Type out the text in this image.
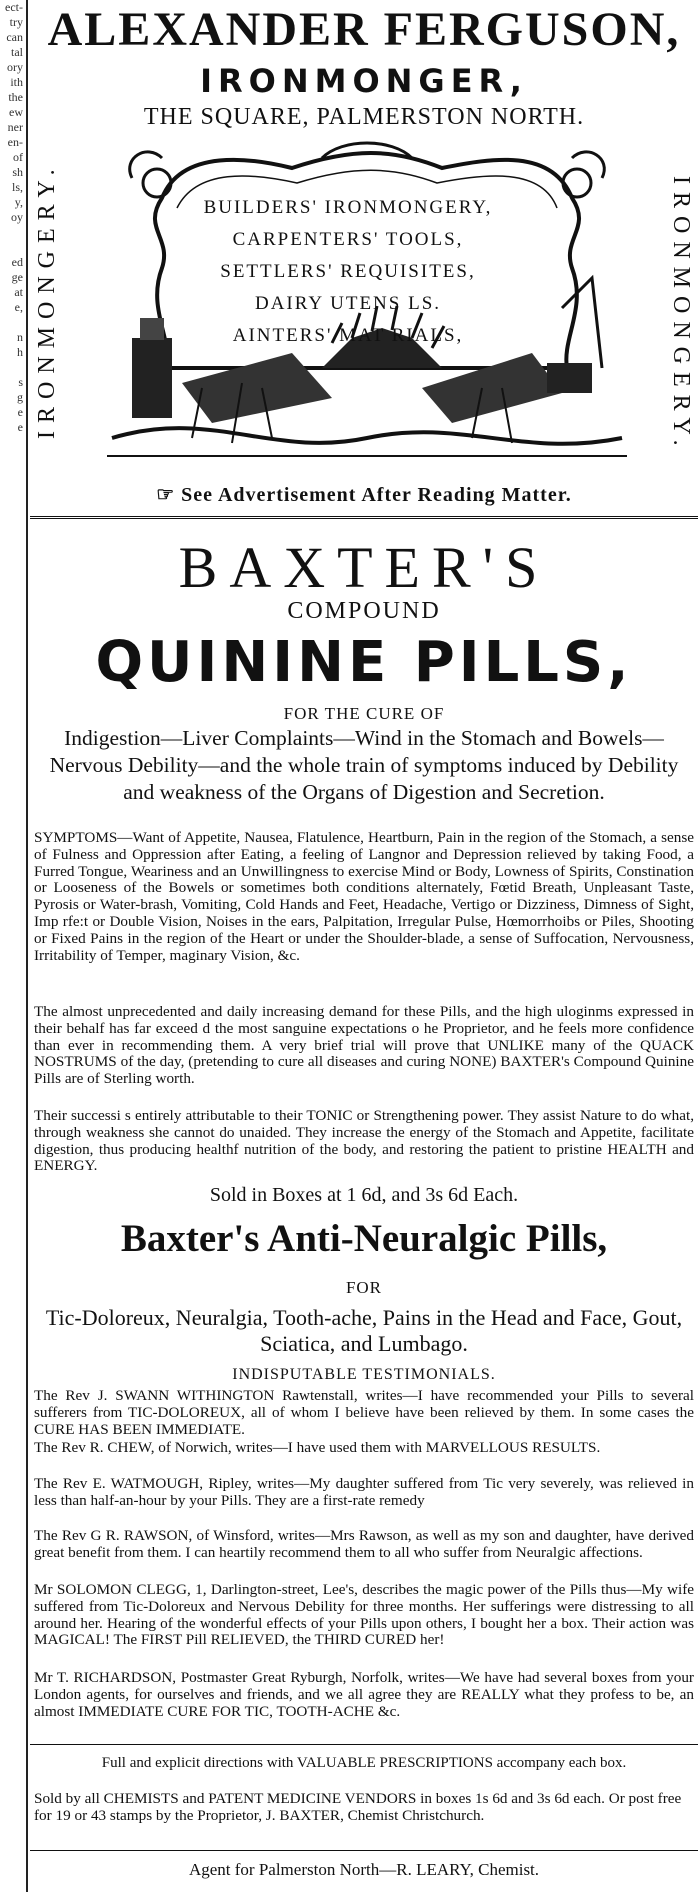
ect-
try
can
tal
ory
ith
the
ew
ner
en-
of
sh
ls,
y,
oy

ed
ge
at
e,

n
h

s
g
e
e

ALEXANDER FERGUSON,
IRONMONGER,
THE SQUARE, PALMERSTON NORTH.
IRONMONGERY.	IRONMONGERY.
BUILDERS' IRONMONGERY,
CARPENTERS' TOOLS,
SETTLERS' REQUISITES,
DAIRY UTENS LS.
AINTERS' MAT RIALS,
☞ See Advertisement After Reading Matter.
BAXTER'S
COMPOUND
QUININE PILLS,
FOR THE CURE OF
Indigestion—Liver Complaints—Wind in the Stomach and Bowels—Nervous Debility—and the whole train of symptoms induced by Debility and weakness of the Organs of Digestion and Secretion.
SYMPTOMS—Want of Appetite, Nausea, Flatulence, Heartburn, Pain in the region of the Stomach, a sense of Fulness and Oppression after Eating, a feeling of Langnor and Depression relieved by taking Food, a Furred Tongue, Weariness and an Unwillingness to exercise Mind or Body, Lowness of Spirits, Constination or Looseness of the Bowels or sometimes both conditions alternately, Fœtid Breath, Unpleasant Taste, Pyrosis or Water-brash, Vomiting, Cold Hands and Feet, Headache, Vertigo or Dizziness, Dimness of Sight, Imp rfe:t or Double Vision, Noises in the ears, Palpitation, Irregular Pulse, Hœmorrhoibs or Piles, Shooting or Fixed Pains in the region of the Heart or under the Shoulder-blade, a sense of Suffocation, Nervousness, Irritability of Temper, maginary Vision, &c.
The almost unprecedented and daily increasing demand for these Pills, and the high uloginms expressed in their behalf has far exceed d the most sanguine expectations o he Proprietor, and he feels more confidence than ever in recommending them. A very brief trial will prove that UNLIKE many of the QUACK NOSTRUMS of the day, (pretending to cure all diseases and curing NONE) BAXTER's Compound Quinine Pills are of Sterling worth.
Their successi s entirely attributable to their TONIC or Strengthening power. They assist Nature to do what, through weakness she cannot do unaided. They increase the energy of the Stomach and Appetite, facilitate digestion, thus producing healthf nutrition of the body, and restoring the patient to pristine HEALTH and ENERGY.
Sold in Boxes at 1 6d, and 3s 6d Each.
Baxter's Anti-Neuralgic Pills,
FOR
Tic-Doloreux, Neuralgia, Tooth-ache, Pains in the Head and Face, Gout, Sciatica, and Lumbago.
INDISPUTABLE TESTIMONIALS.
The Rev J. SWANN WITHINGTON Rawtenstall, writes—I have recommended your Pills to several sufferers from TIC-DOLOREUX, all of whom I believe have been relieved by them. In some cases the CURE HAS BEEN IMMEDIATE.
The Rev R. CHEW, of Norwich, writes—I have used them with MARVELLOUS RESULTS.
The Rev E. WATMOUGH, Ripley, writes—My daughter suffered from Tic very severely, was relieved in less than half-an-hour by your Pills. They are a first-rate remedy
The Rev G R. RAWSON, of Winsford, writes—Mrs Rawson, as well as my son and daughter, have derived great benefit from them. I can heartily recommend them to all who suffer from Neuralgic affections.
Mr SOLOMON CLEGG, 1, Darlington-street, Lee's, describes the magic power of the Pills thus—My wife suffered from Tic-Doloreux and Nervous Debility for three months. Her sufferings were distressing to all around her. Hearing of the wonderful effects of your Pills upon others, I bought her a box. Their action was MAGICAL! The FIRST Pill RELIEVED, the THIRD CURED her!
Mr T. RICHARDSON, Postmaster Great Ryburgh, Norfolk, writes—We have had several boxes from your London agents, for ourselves and friends, and we all agree they are REALLY what they profess to be, an almost IMMEDIATE CURE FOR TIC, TOOTH-ACHE &c.
Full and explicit directions with VALUABLE PRESCRIPTIONS accompany each box.
Sold by all CHEMISTS and PATENT MEDICINE VENDORS in boxes 1s 6d and 3s 6d each. Or post free for 19 or 43 stamps by the Proprietor, J. BAXTER, Chemist Christchurch.
Agent for Palmerston North—R. LEARY, Chemist.
